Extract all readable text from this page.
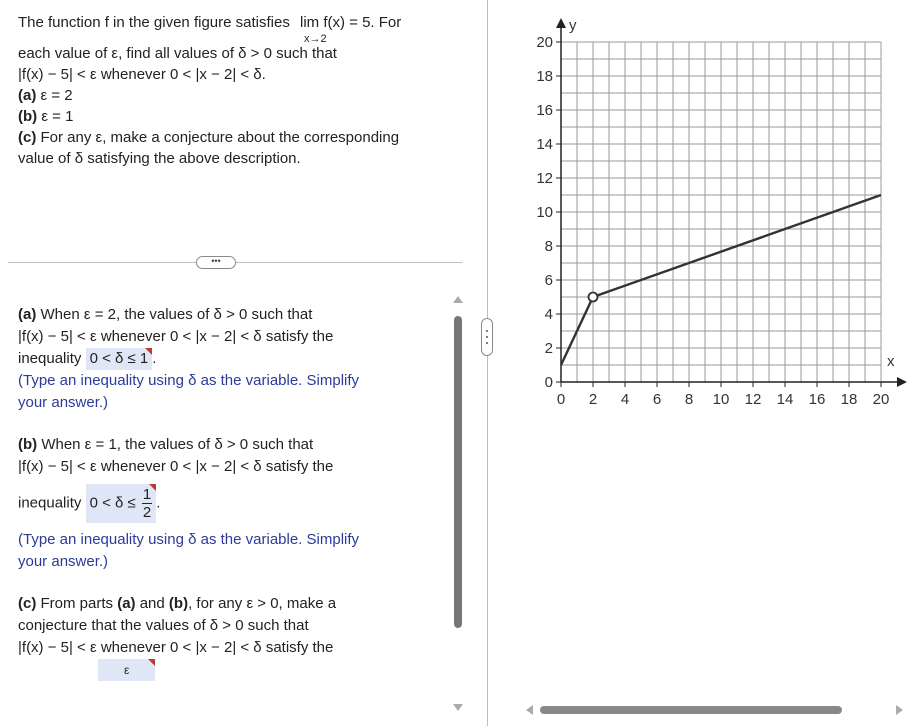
The function f in the given figure satisfies lim f(x) = 5. For
x→2
each value of ε, find all values of δ > 0 such that
|f(x) − 5| < ε whenever 0 < |x − 2| < δ.
(a) ε = 2
(b) ε = 1
(c) For any ε, make a conjecture about the corresponding
value of δ satisfying the above description.
•••
(a) When ε = 2, the values of δ > 0 such that
|f(x) − 5| < ε whenever 0 < |x − 2| < δ satisfy the
inequality 0 < δ ≤ 1 .
(Type an inequality using δ as the variable. Simplify
your answer.)
(b) When ε = 1, the values of δ > 0 such that
|f(x) − 5| < ε whenever 0 < |x − 2| < δ satisfy the
inequality $0 < \delta \le \frac{1}{2}$ .
(Type an inequality using δ as the variable. Simplify
your answer.)
(c) From parts (a) and (b), for any ε > 0, make a
conjecture that the values of δ > 0 such that
|f(x) − 5| < ε whenever 0 < |x − 2| < δ satisfy the
ε
0 2 4 6 8 10 12 14 16 18 20
0
2
4
6
8
10
12
14
16
18
20
x
y
